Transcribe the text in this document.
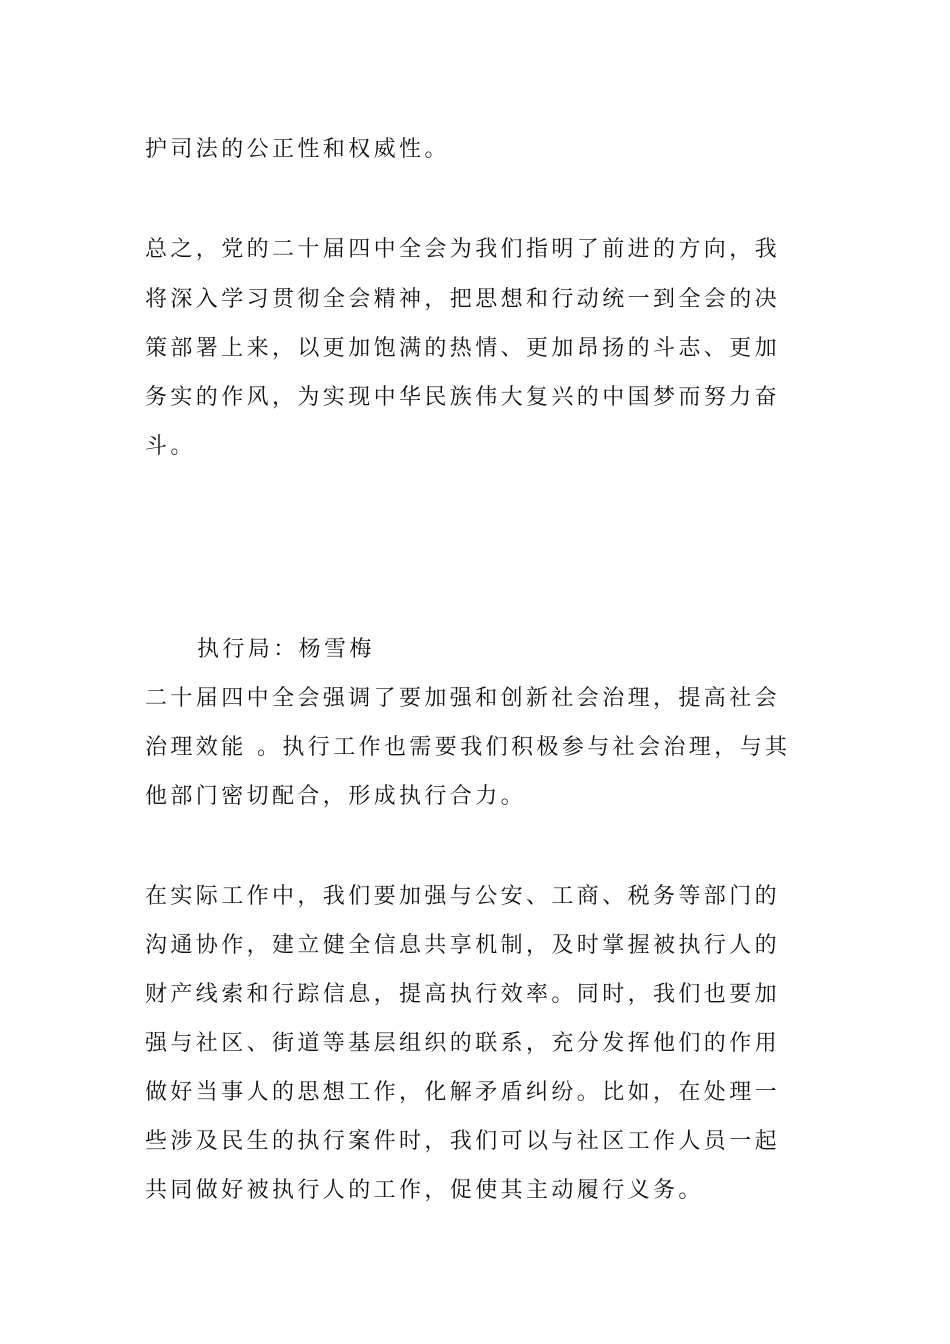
护司法的公正性和权威性。
总之，党的二十届四中全会为我们指明了前进的方向，我
将深入学习贯彻全会精神，把思想和行动统一到全会的决
策部署上来，以更加饱满的热情、更加昂扬的斗志、更加
务实的作风，为实现中华民族伟大复兴的中国梦而努力奋
斗。
执行局：杨雪梅
二十届四中全会强调了要加强和创新社会治理，提高社会
治理效能 。执行工作也需要我们积极参与社会治理，与其
他部门密切配合，形成执行合力。
在实际工作中，我们要加强与公安、工商、税务等部门的
沟通协作，建立健全信息共享机制，及时掌握被执行人的
财产线索和行踪信息，提高执行效率。同时，我们也要加
强与社区、街道等基层组织的联系，充分发挥他们的作用
做好当事人的思想工作，化解矛盾纠纷。比如，在处理一
些涉及民生的执行案件时，我们可以与社区工作人员一起
共同做好被执行人的工作，促使其主动履行义务。
